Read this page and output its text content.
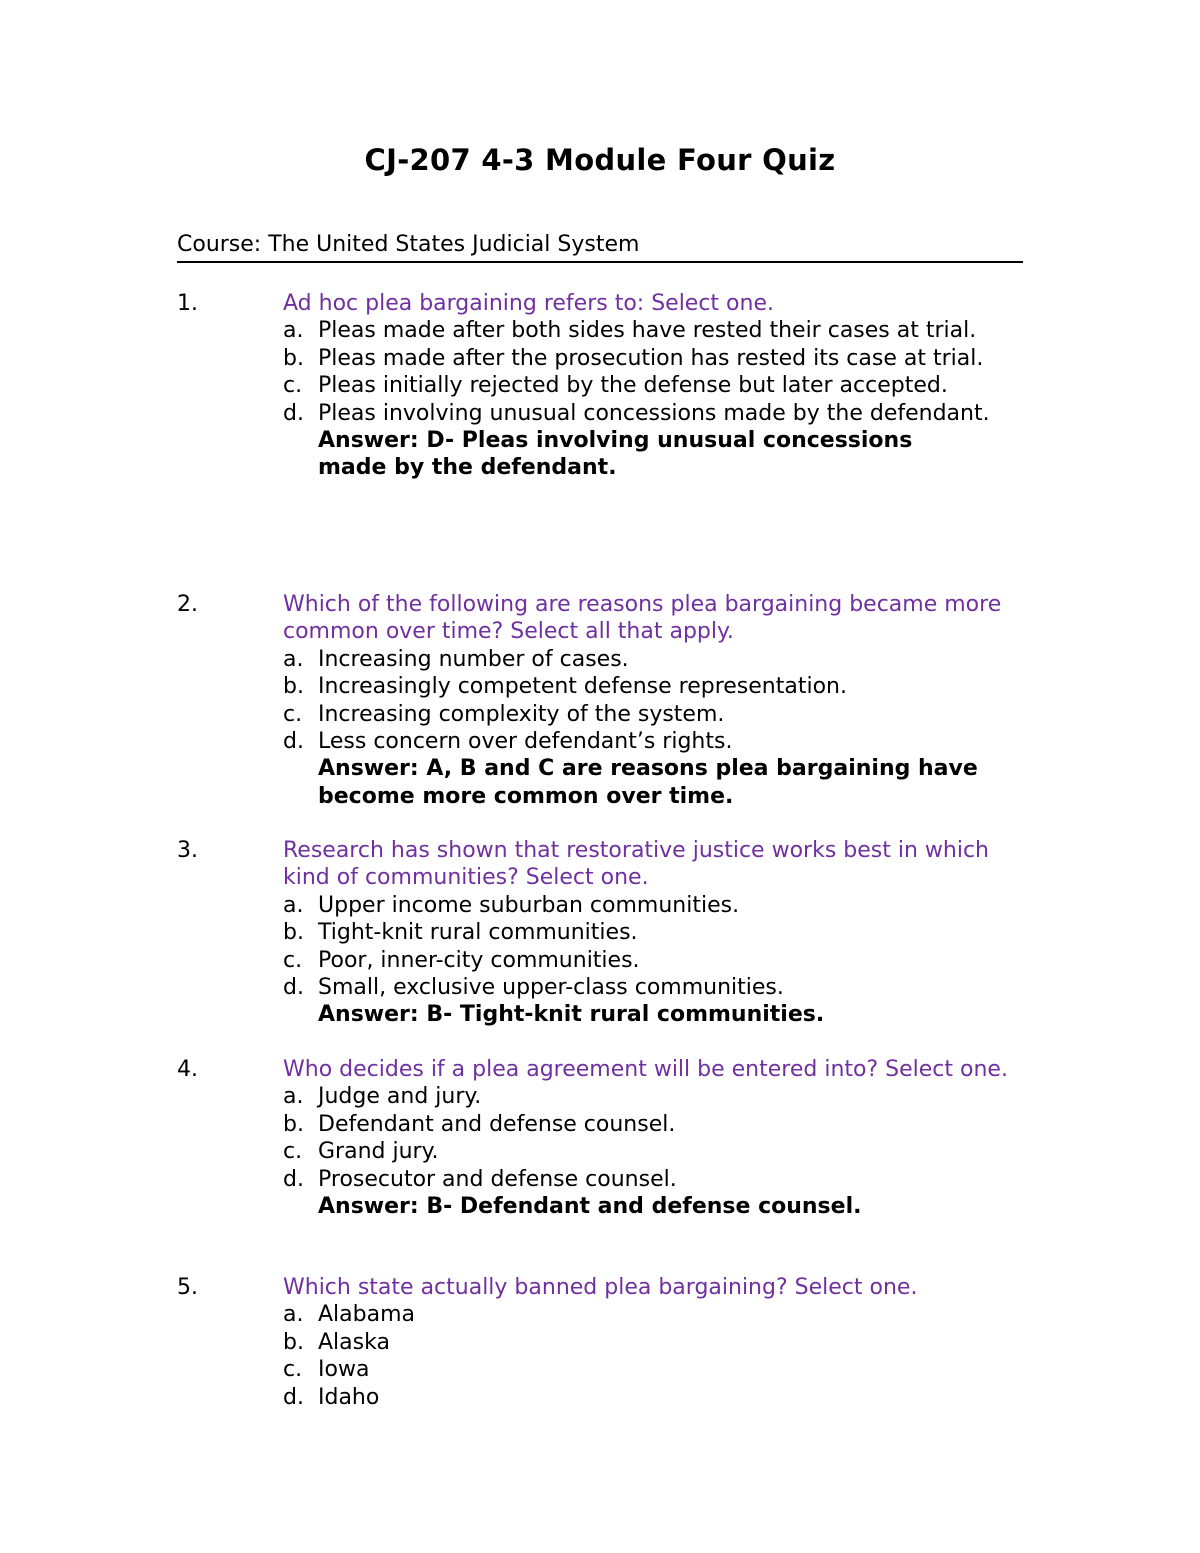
CJ-207 4-3 Module Four Quiz
Course: The United States Judicial System
1.	Ad hoc plea bargaining refers to: Select one.
a. Pleas made after both sides have rested their cases at trial.
b. Pleas made after the prosecution has rested its case at trial.
c. Pleas initially rejected by the defense but later accepted.
d. Pleas involving unusual concessions made by the defendant.
Answer: D- Pleas involving unusual concessions
made by the defendant.
2.	Which of the following are reasons plea bargaining became more common over time? Select all that apply.
a. Increasing number of cases.
b. Increasingly competent defense representation.
c. Increasing complexity of the system.
d. Less concern over defendant’s rights.
Answer: A, B and C are reasons plea bargaining have
become more common over time.
3.	Research has shown that restorative justice works best in which kind of communities? Select one.
a. Upper income suburban communities.
b. Tight-knit rural communities.
c. Poor, inner-city communities.
d. Small, exclusive upper-class communities.
Answer: B- Tight-knit rural communities.
4.	Who decides if a plea agreement will be entered into? Select one.
a. Judge and jury.
b. Defendant and defense counsel.
c. Grand jury.
d. Prosecutor and defense counsel.
Answer: B- Defendant and defense counsel.
5.	Which state actually banned plea bargaining? Select one.
a. Alabama
b. Alaska
c. Iowa
d. Idaho
